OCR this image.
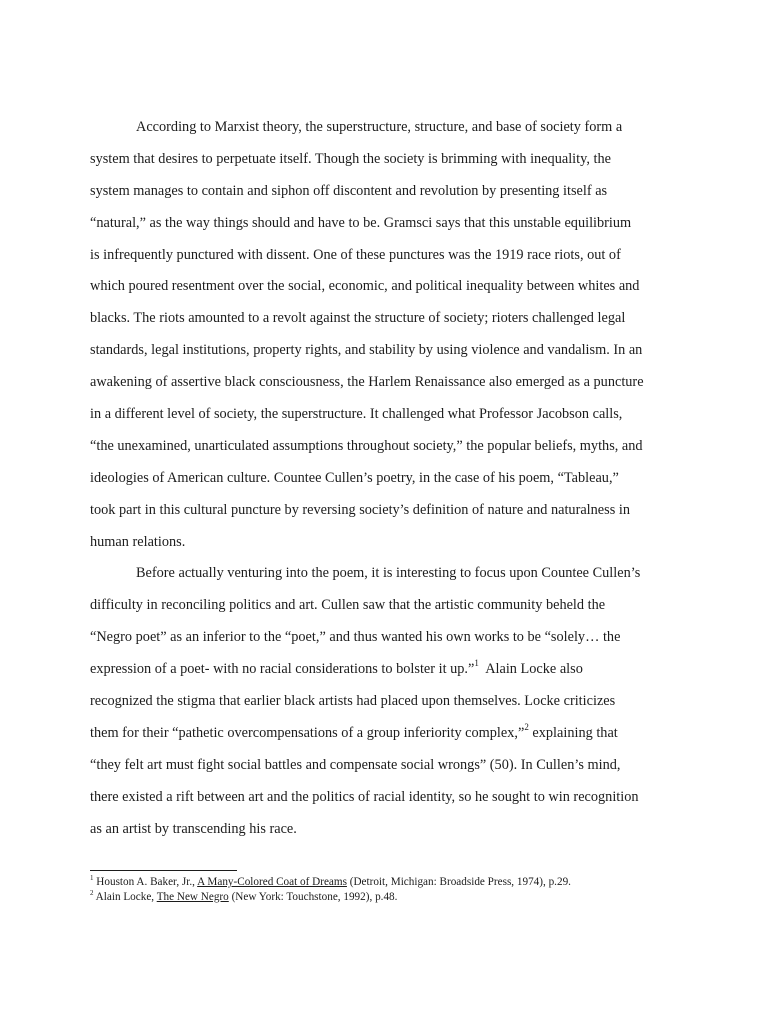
According to Marxist theory, the superstructure, structure, and base of society form a
system that desires to perpetuate itself. Though the society is brimming with inequality, the
system manages to contain and siphon off discontent and revolution by presenting itself as
“natural,” as the way things should and have to be. Gramsci says that this unstable equilibrium
is infrequently punctured with dissent. One of these punctures was the 1919 race riots, out of
which poured resentment over the social, economic, and political inequality between whites and
blacks. The riots amounted to a revolt against the structure of society; rioters challenged legal
standards, legal institutions, property rights, and stability by using violence and vandalism. In an
awakening of assertive black consciousness, the Harlem Renaissance also emerged as a puncture
in a different level of society, the superstructure. It challenged what Professor Jacobson calls,
“the unexamined, unarticulated assumptions throughout society,” the popular beliefs, myths, and
ideologies of American culture. Countee Cullen’s poetry, in the case of his poem, “Tableau,”
took part in this cultural puncture by reversing society’s definition of nature and naturalness in
human relations.
Before actually venturing into the poem, it is interesting to focus upon Countee Cullen’s
difficulty in reconciling politics and art. Cullen saw that the artistic community beheld the
“Negro poet” as an inferior to the “poet,” and thus wanted his own works to be “solely… the
expression of a poet- with no racial considerations to bolster it up.”$^1$  Alain Locke also
recognized the stigma that earlier black artists had placed upon themselves. Locke criticizes
them for their “pathetic overcompensations of a group inferiority complex,”$^2$ explaining that
“they felt art must fight social battles and compensate social wrongs” (50). In Cullen’s mind,
there existed a rift between art and the politics of racial identity, so he sought to win recognition
as an artist by transcending his race.
$^1$ Houston A. Baker, Jr., A Many-Colored Coat of Dreams (Detroit, Michigan: Broadside Press, 1974), p.29.
$^2$ Alain Locke, The New Negro (New York: Touchstone, 1992), p.48.
